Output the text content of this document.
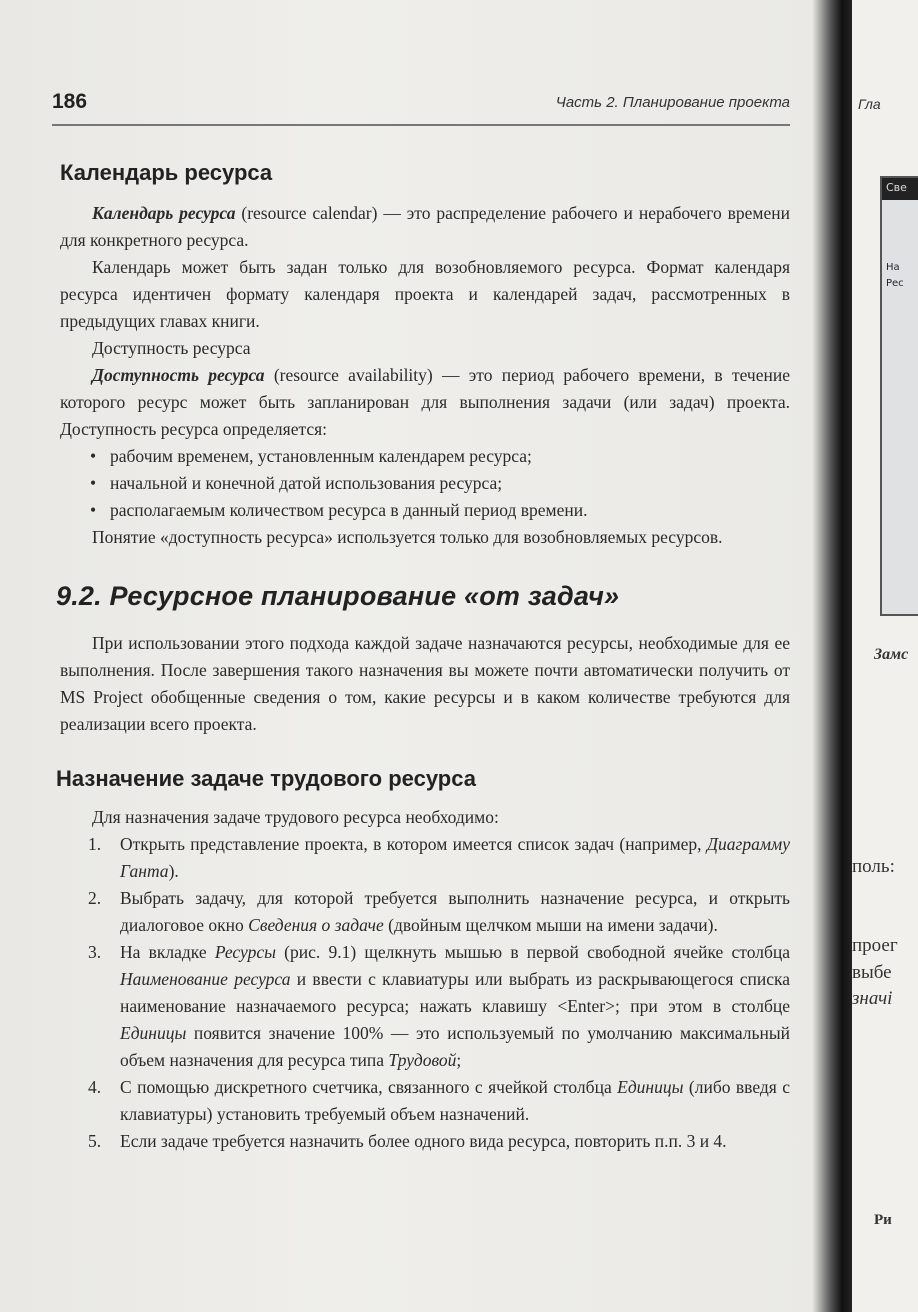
186	Часть 2. Планирование проекта
Календарь ресурса

Календарь ресурса (resource calendar) — это распределение рабочего и нерабочего времени для конкретного ресурса.

Календарь может быть задан только для возобновляемого ресурса. Формат календаря ресурса идентичен формату календаря проекта и календарей задач, рассмотренных в предыдущих главах книги.

Доступность ресурса

Доступность ресурса (resource availability) — это период рабочего времени, в течение которого ресурс может быть запланирован для выполнения задачи (или задач) проекта. Доступность ресурса определяется:

• рабочим временем, установленным календарем ресурса;
• начальной и конечной датой использования ресурса;
• располагаемым количеством ресурса в данный период времени.

Понятие «доступность ресурса» используется только для возобновляемых ресурсов.

9.2. Ресурсное планирование «от задач»

При использовании этого подхода каждой задаче назначаются ресурсы, необходимые для ее выполнения. После завершения такого назначения вы можете почти автоматически получить от MS Project обобщенные сведения о том, какие ресурсы и в каком количестве требуются для реализации всего проекта.

Назначение задаче трудового ресурса

Для назначения задаче трудового ресурса необходимо:

1. Открыть представление проекта, в котором имеется список задач (например, Диаграмму Ганта).
2. Выбрать задачу, для которой требуется выполнить назначение ресурса, и открыть диалоговое окно Сведения о задаче (двойным щелчком мыши на имени задачи).
3. На вкладке Ресурсы (рис. 9.1) щелкнуть мышью в первой свободной ячейке столбца Наименование ресурса и ввести с клавиатуры или выбрать из раскрывающегося списка наименование назначаемого ресурса; нажать клавишу <Enter>; при этом в столбце Единицы появится значение 100% — это используемый по умолчанию максимальный объем назначения для ресурса типа Трудовой;
4. С помощью дискретного счетчика, связанного с ячейкой столбца Единицы (либо введя с клавиатуры) установить требуемый объем назначений.
5. Если задаче требуется назначить более одного вида ресурса, повторить п.п. 3 и 4.
Гла
Све
На
Рес
Замс
поль:
проег
выбе
значі
Ри
